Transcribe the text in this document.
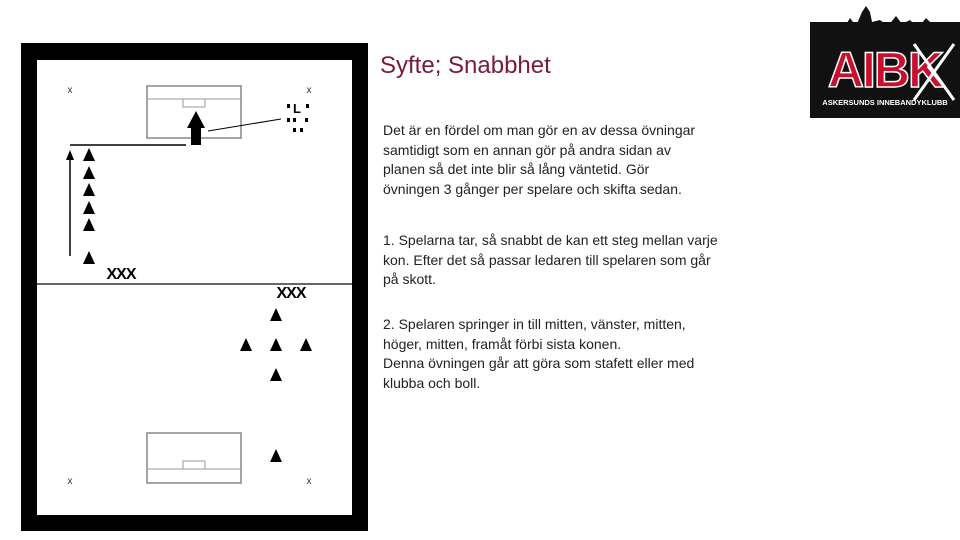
x	x
x	x
L
XXX
XXX
Syfte; Snabbhet
Det är en fördel om man gör en av dessa övningar
samtidigt som en annan gör på andra sidan av
planen så det inte blir så lång väntetid. Gör
övningen 3 gånger per spelare och skifta sedan.
1. Spelarna tar, så snabbt de kan ett steg mellan varje
kon. Efter det så passar ledaren till spelaren som går
på skott.
2. Spelaren springer in till mitten, vänster, mitten,
höger, mitten, framåt förbi sista konen.
Denna övningen går att göra som stafett eller med
klubba och boll.
AIBK
ASKERSUNDS INNEBANDYKLUBB
